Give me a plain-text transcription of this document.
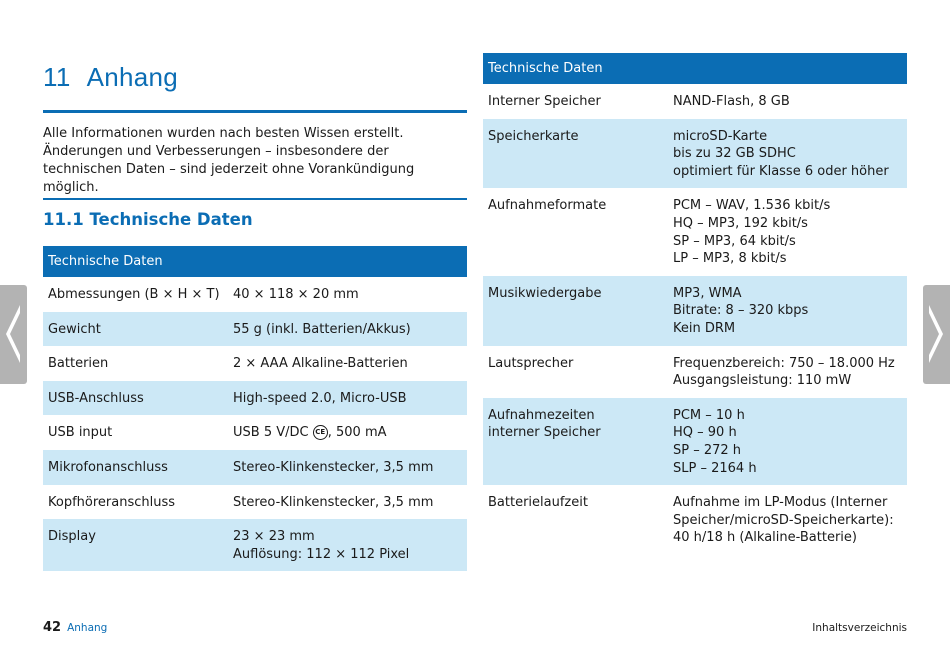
11 Anhang
Alle Informationen wurden nach besten Wissen erstellt. Änderungen und Verbesserungen – insbesondere der technischen Daten – sind jederzeit ohne Vorankündigung möglich.
11.1 Technische Daten
Technische Daten	
Abmessungen (B × H × T)	40 × 118 × 20 mm
Gewicht	55 g (inkl. Batterien/Akkus)
Batterien	2 × AAA Alkaline-Batterien
USB-Anschluss	High-speed 2.0, Micro-USB
USB input	USB 5 V/DC CE , 500 mA
Mikrofonanschluss	Stereo-Klinkenstecker, 3,5 mm
Kopfhöreranschluss	Stereo-Klinkenstecker, 3,5 mm
Display	23 × 23 mm
Auflösung: 112 × 112 Pixel
Technische Daten	
Interner Speicher	NAND-Flash, 8 GB
Speicherkarte	microSD-Karte
bis zu 32 GB SDHC
optimiert für Klasse 6 oder höher
Aufnahmeformate	PCM – WAV, 1.536 kbit/s
HQ – MP3, 192 kbit/s
SP – MP3, 64 kbit/s
LP – MP3, 8 kbit/s
Musikwiedergabe	MP3, WMA
Bitrate: 8 – 320 kbps
Kein DRM
Lautsprecher	Frequenzbereich: 750 – 18.000 Hz
Ausgangsleistung: 110 mW
Aufnahmezeiten
interner Speicher	PCM – 10 h
HQ – 90 h
SP – 272 h
SLP – 2164 h
Batterielaufzeit	Aufnahme im LP-Modus (Interner
Speicher/microSD-Speicherkarte):
40 h/18 h (Alkaline-Batterie)
42 Anhang	Inhaltsverzeichnis
